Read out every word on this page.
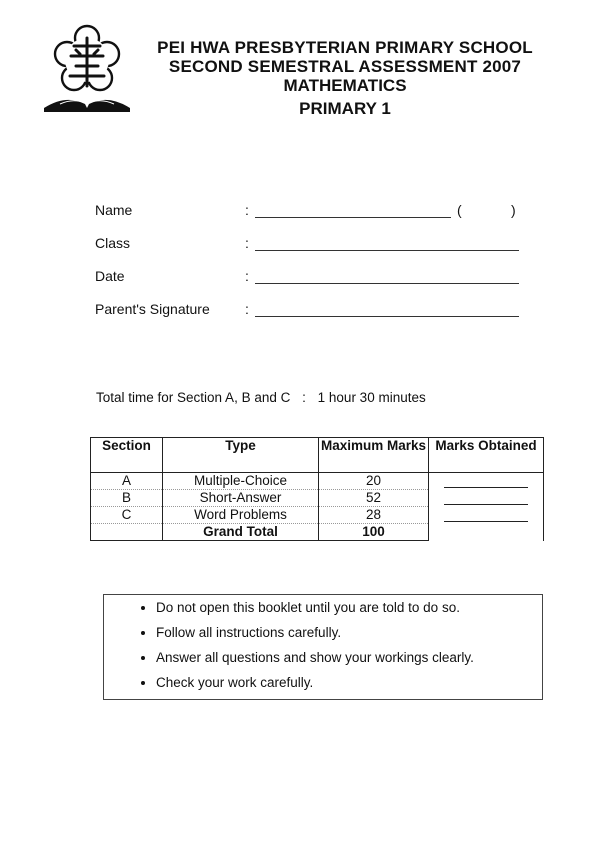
PEI HWA PRESBYTERIAN PRIMARY SCHOOL
SECOND SEMESTRAL ASSESSMENT 2007
MATHEMATICS
PRIMARY 1
Name	:	(	)
Class	:
Date	:
Parent's Signature	:
Total time for Section A, B and C : 1 hour 30 minutes
Section	Type	Maximum Marks	Marks Obtained
A	Multiple-Choice	20	

B	Short-Answer	52	
C	Word Problems	28	
	Grand Total	100	
• Do not open this booklet until you are told to do so.
• Follow all instructions carefully.
• Answer all questions and show your workings clearly.
• Check your work carefully.
